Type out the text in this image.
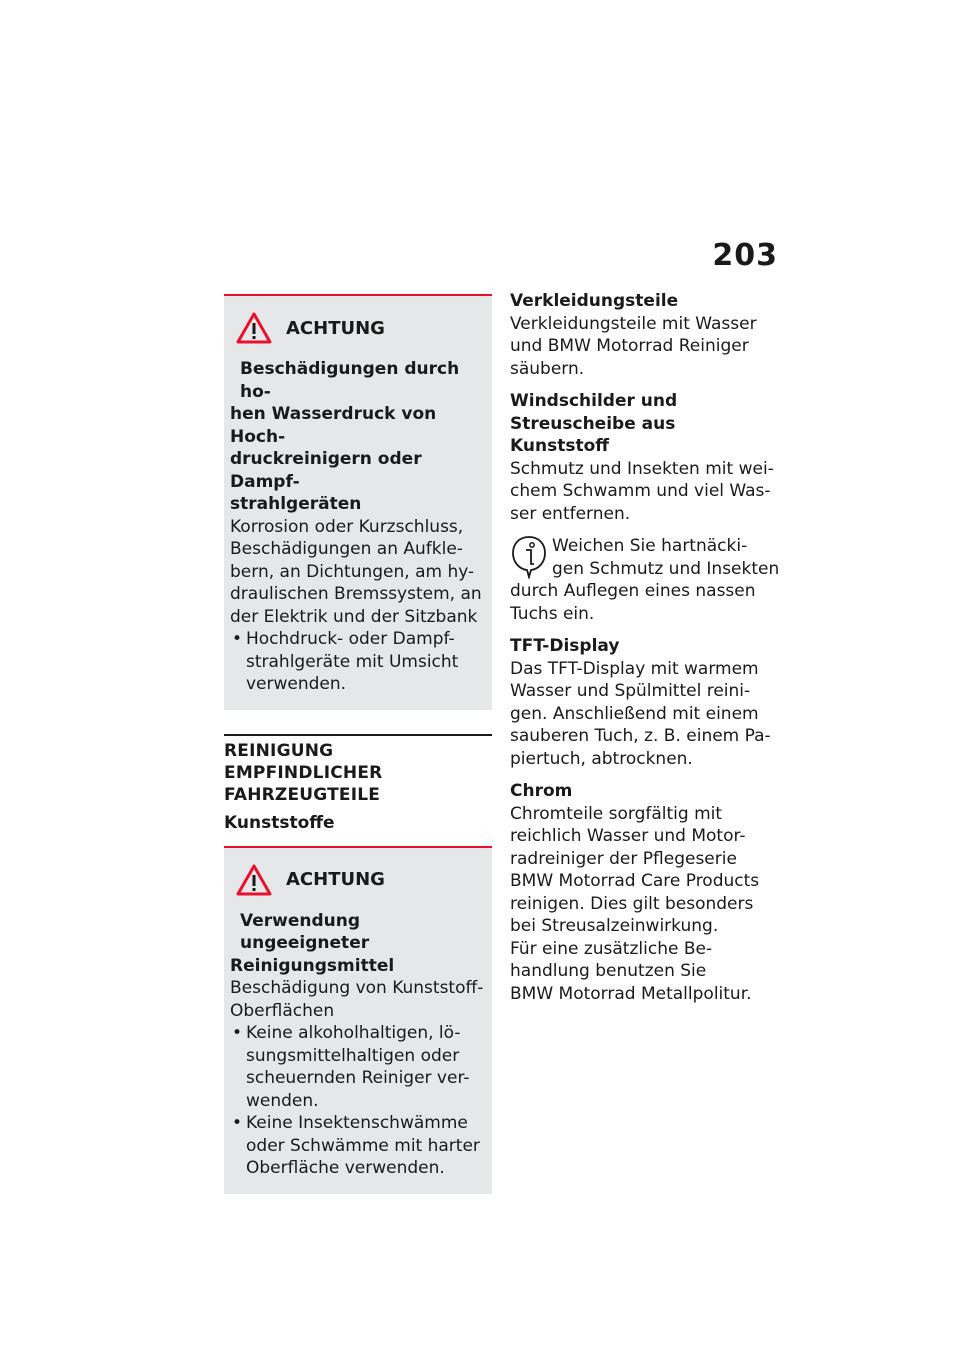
203
ACHTUNG
Beschädigungen durch ho-
hen Wasserdruck von Hoch-
druckreinigern oder Dampf-
strahlgeräten
Korrosion oder Kurzschluss,
Beschädigungen an Aufkle-
bern, an Dichtungen, am hy-
draulischen Bremssystem, an
der Elektrik und der Sitzbank
• Hochdruck- oder Dampf-
strahlgeräte mit Umsicht
verwenden.
REINIGUNG EMPFINDLICHER
FAHRZEUGTEILE
Kunststoffe
ACHTUNG
Verwendung ungeeigneter
Reinigungsmittel
Beschädigung von Kunststoff-
Oberflächen
• Keine alkoholhaltigen, lö-
sungsmittelhaltigen oder
scheuernden Reiniger ver-
wenden.
• Keine Insektenschwämme
oder Schwämme mit harter
Oberfläche verwenden.
Verkleidungsteile
Verkleidungsteile mit Wasser
und BMW Motorrad Reiniger
säubern.
Windschilder und
Streuscheibe aus Kunststoff
Schmutz und Insekten mit wei-
chem Schwamm und viel Was-
ser entfernen.
Weichen Sie hartnäcki-
gen Schmutz und Insekten
durch Auflegen eines nassen
Tuchs ein.
TFT-Display
Das TFT-Display mit warmem
Wasser und Spülmittel reini-
gen. Anschließend mit einem
sauberen Tuch, z. B. einem Pa-
piertuch, abtrocknen.
Chrom
Chromteile sorgfältig mit
reichlich Wasser und Motor-
radreiniger der Pflegeserie
BMW Motorrad Care Products
reinigen. Dies gilt besonders
bei Streusalzeinwirkung.
Für eine zusätzliche Be-
handlung benutzen Sie
BMW Motorrad Metallpolitur.
